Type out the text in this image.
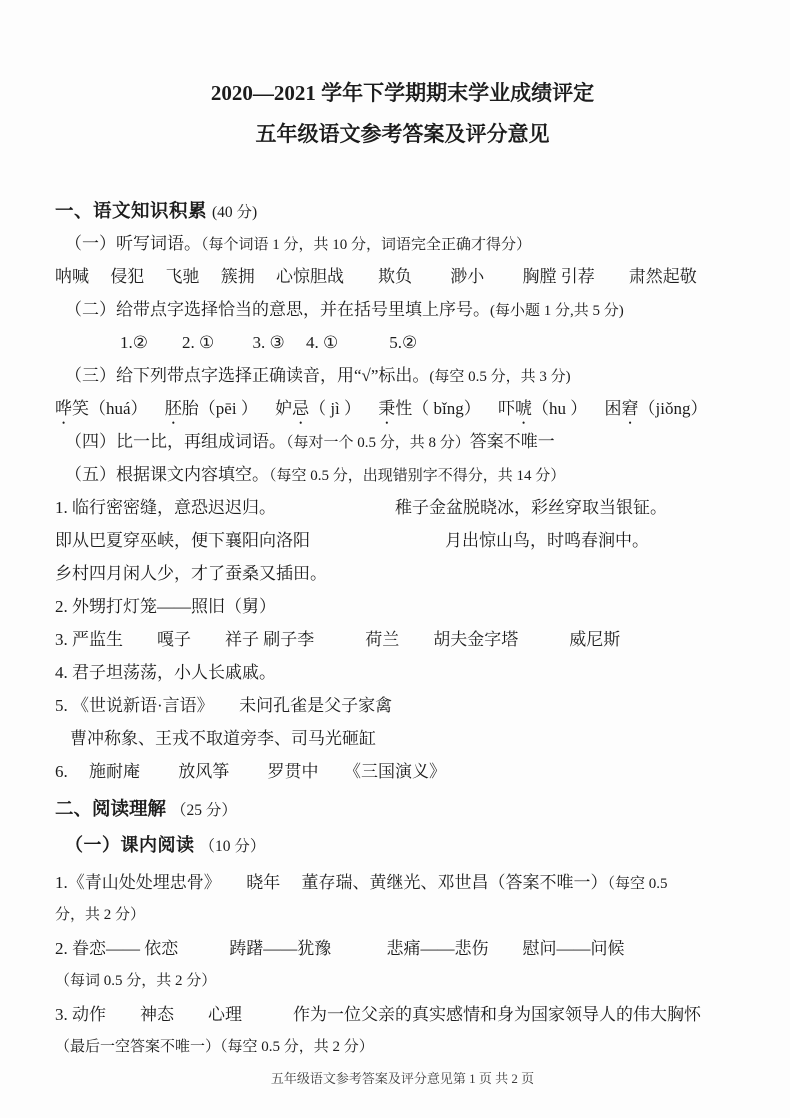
2020—2021 学年下学期期末学业成绩评定
五年级语文参考答案及评分意见
一、语文知识积累 (40 分)
（一）听写词语。（每个词语 1 分，共 10 分，词语完全正确才得分）
呐喊　 侵犯　 飞驰　 簇拥　 心惊胆战　　欺负　　 渺小　　 胸膛 引荐　　肃然起敬
（二）给带点字选择恰当的意思，并在括号里填上序号。(每小题 1 分,共 5 分)
1.②　　2. ①　　 3. ③　 4. ①　　　5.②
（三）给下列带点字选择正确读音，用“√”标出。(每空 0.5 分，共 3 分)
哗笑（huá） 胚胎（pēi ） 妒忌（ jì ） 秉性（ bǐng） 吓唬（hu ） 困窘（jiǒng）
（四）比一比，再组成词语。（每对一个 0.5 分，共 8 分）答案不唯一
（五）根据课文内容填空。（每空 0.5 分，出现错别字不得分，共 14 分）
1. 临行密密缝，意恐迟迟归。	稚子金盆脱晓冰，彩丝穿取当银钲。
即从巴夏穿巫峡，便下襄阳向洛阳	月出惊山鸟，时鸣春涧中。
乡村四月闲人少，才了蚕桑又插田。
2. 外甥打灯笼——照旧（舅）
3. 严监生　　嘎子　　祥子 刷子李　　　荷兰　　胡夫金字塔　　　威尼斯
4. 君子坦荡荡，小人长戚戚。
5. 《世说新语·言语》　　未问孔雀是父子家禽
曹冲称象、王戎不取道旁李、司马光砸缸
6.　 施耐庵　　 放风筝　　 罗贯中　　《三国演义》
二、阅读理解 （25 分）
（一）课内阅读 （10 分）
1.《青山处处埋忠骨》　　晓年　 董存瑞、黄继光、邓世昌（答案不唯一）（每空 0.5
分，共 2 分）
2. 眷恋—— 依恋　　　踌躇——犹豫　　　 悲痛——悲伤　　慰问——问候
（每词 0.5 分，共 2 分）
3. 动作　　神态　　心理　　　作为一位父亲的真实感情和身为国家领导人的伟大胸怀
（最后一空答案不唯一）（每空 0.5 分，共 2 分）
五年级语文参考答案及评分意见第 1 页 共 2 页
